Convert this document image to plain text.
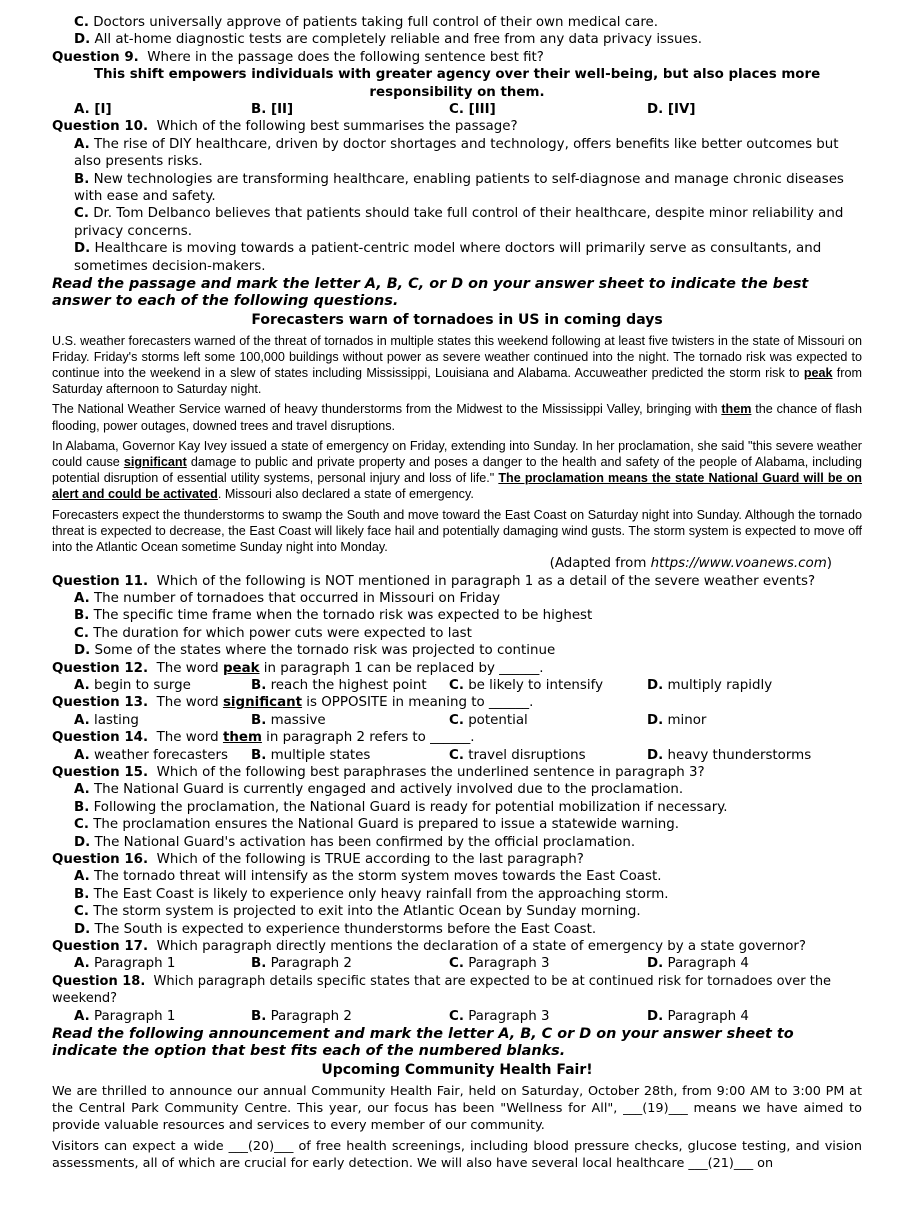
C. Doctors universally approve of patients taking full control of their own medical care.
D. All at-home diagnostic tests are completely reliable and free from any data privacy issues.
Question 9. Where in the passage does the following sentence best fit?
This shift empowers individuals with greater agency over their well-being, but also places more responsibility on them.
A. [I]	B. [II]	C. [III]	D. [IV]
Question 10. Which of the following best summarises the passage?
A. The rise of DIY healthcare, driven by doctor shortages and technology, offers benefits like better outcomes but also presents risks.
B. New technologies are transforming healthcare, enabling patients to self-diagnose and manage chronic diseases with ease and safety.
C. Dr. Tom Delbanco believes that patients should take full control of their healthcare, despite minor reliability and privacy concerns.
D. Healthcare is moving towards a patient-centric model where doctors will primarily serve as consultants, and sometimes decision-makers.
Read the passage and mark the letter A, B, C, or D on your answer sheet to indicate the best answer to each of the following questions.
Forecasters warn of tornadoes in US in coming days

U.S. weather forecasters warned of the threat of tornados in multiple states this weekend following at least five twisters in the state of Missouri on Friday. Friday's storms left some 100,000 buildings without power as severe weather continued into the night. The tornado risk was expected to continue into the weekend in a slew of states including Mississippi, Louisiana and Alabama. Accuweather predicted the storm risk to peak from Saturday afternoon to Saturday night.

The National Weather Service warned of heavy thunderstorms from the Midwest to the Mississippi Valley, bringing with them the chance of flash flooding, power outages, downed trees and travel disruptions.

In Alabama, Governor Kay Ivey issued a state of emergency on Friday, extending into Sunday. In her proclamation, she said "this severe weather could cause significant damage to public and private property and poses a danger to the health and safety of the people of Alabama, including potential disruption of essential utility systems, personal injury and loss of life." The proclamation means the state National Guard will be on alert and could be activated. Missouri also declared a state of emergency.

Forecasters expect the thunderstorms to swamp the South and move toward the East Coast on Saturday night into Sunday. Although the tornado threat is expected to decrease, the East Coast will likely face hail and potentially damaging wind gusts. The storm system is expected to move off into the Atlantic Ocean sometime Sunday night into Monday.

(Adapted from https://www.voanews.com)
Question 11. Which of the following is NOT mentioned in paragraph 1 as a detail of the severe weather events?
A. The number of tornadoes that occurred in Missouri on Friday
B. The specific time frame when the tornado risk was expected to be highest
C. The duration for which power cuts were expected to last
D. Some of the states where the tornado risk was projected to continue
Question 12. The word peak in paragraph 1 can be replaced by ______.
A. begin to surge	B. reach the highest point	C. be likely to intensify	D. multiply rapidly
Question 13. The word significant is OPPOSITE in meaning to ______.
A. lasting	B. massive	C. potential	D. minor
Question 14. The word them in paragraph 2 refers to ______.
A. weather forecasters	B. multiple states	C. travel disruptions	D. heavy thunderstorms
Question 15. Which of the following best paraphrases the underlined sentence in paragraph 3?
A. The National Guard is currently engaged and actively involved due to the proclamation.
B. Following the proclamation, the National Guard is ready for potential mobilization if necessary.
C. The proclamation ensures the National Guard is prepared to issue a statewide warning.
D. The National Guard's activation has been confirmed by the official proclamation.
Question 16. Which of the following is TRUE according to the last paragraph?
A. The tornado threat will intensify as the storm system moves towards the East Coast.
B. The East Coast is likely to experience only heavy rainfall from the approaching storm.
C. The storm system is projected to exit into the Atlantic Ocean by Sunday morning.
D. The South is expected to experience thunderstorms before the East Coast.
Question 17. Which paragraph directly mentions the declaration of a state of emergency by a state governor?
A. Paragraph 1	B. Paragraph 2	C. Paragraph 3	D. Paragraph 4
Question 18. Which paragraph details specific states that are expected to be at continued risk for tornadoes over the weekend?
A. Paragraph 1	B. Paragraph 2	C. Paragraph 3	D. Paragraph 4
Read the following announcement and mark the letter A, B, C or D on your answer sheet to indicate the option that best fits each of the numbered blanks.
Upcoming Community Health Fair!

We are thrilled to announce our annual Community Health Fair, held on Saturday, October 28th, from 9:00 AM to 3:00 PM at the Central Park Community Centre. This year, our focus has been "Wellness for All", ___(19)___ means we have aimed to provide valuable resources and services to every member of our community.

Visitors can expect a wide ___(20)___ of free health screenings, including blood pressure checks, glucose testing, and vision assessments, all of which are crucial for early detection. We will also have several local healthcare ___(21)___ on
